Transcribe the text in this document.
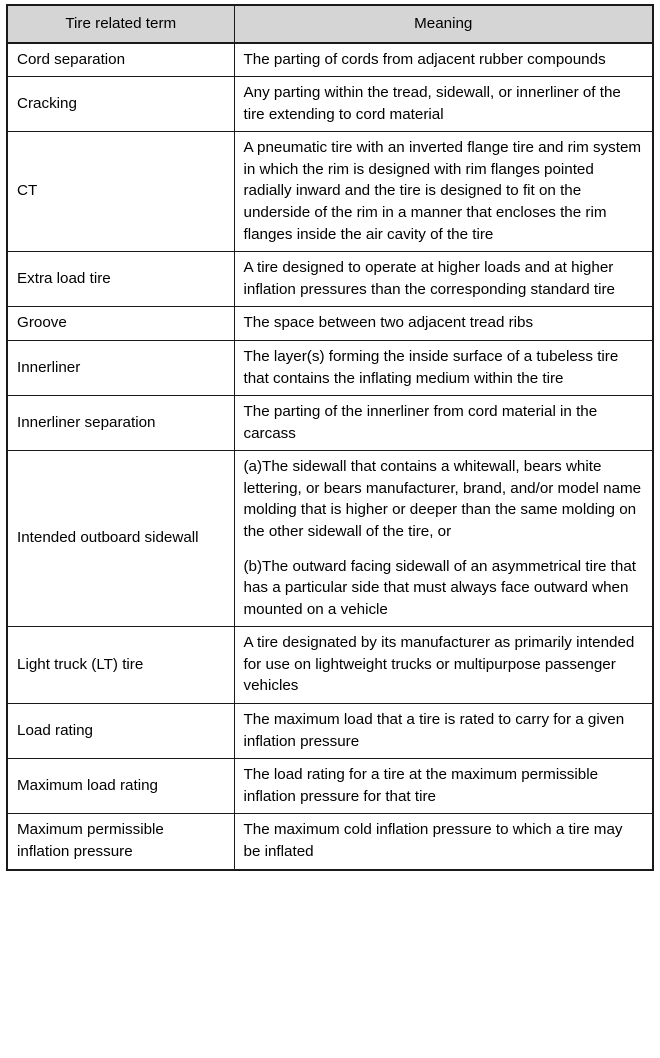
Tire related term	Meaning

Cord separation	The parting of cords from adjacent rubber compounds

Cracking	Any parting within the tread, sidewall, or innerliner of the tire extending to cord material

CT	A pneumatic tire with an inverted flange tire and rim system in which the rim is designed with rim flanges pointed radially inward and the tire is designed to fit on the underside of the rim in a manner that encloses the rim flanges inside the air cavity of the tire

Extra load tire	A tire designed to operate at higher loads and at higher inflation pressures than the corresponding standard tire

Groove	The space between two adjacent tread ribs

Innerliner	The layer(s) forming the inside surface of a tubeless tire that contains the inflating medium within the tire

Innerliner separation	The parting of the innerliner from cord material in the carcass

Intended outboard sidewall	(a)The sidewall that contains a whitewall, bears white lettering, or bears manufacturer, brand, and/or model name molding that is higher or deeper than the same molding on the other sidewall of the tire, or

(b)The outward facing sidewall of an asymmetrical tire that has a particular side that must always face outward when mounted on a vehicle

Light truck (LT) tire	A tire designated by its manufacturer as primarily intended for use on lightweight trucks or multipurpose passenger vehicles

Load rating	The maximum load that a tire is rated to carry for a given inflation pressure

Maximum load rating	The load rating for a tire at the maximum permissible inflation pressure for that tire

Maximum permissible inflation pressure	The maximum cold inflation pressure to which a tire may be inflated
